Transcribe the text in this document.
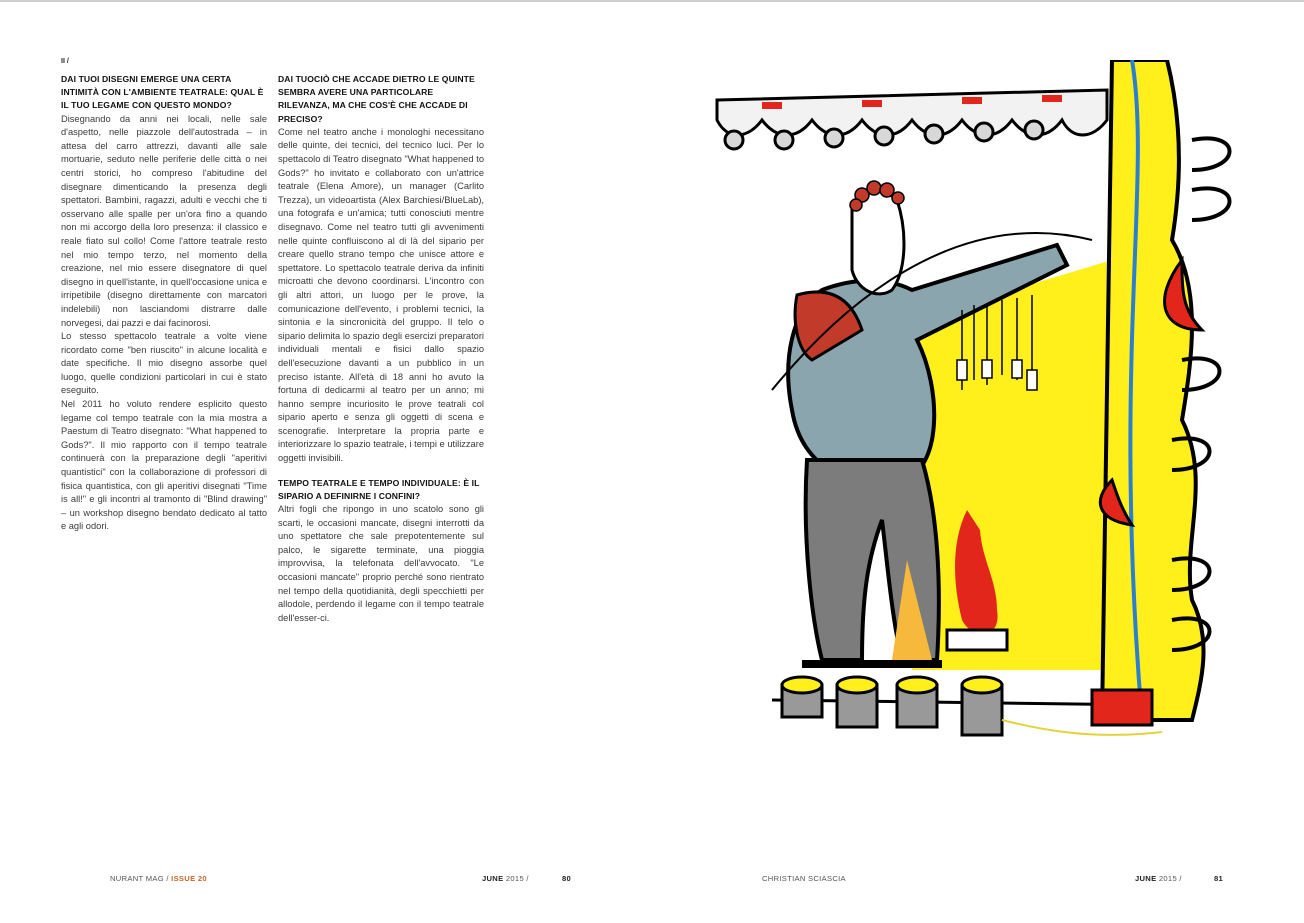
II /
DAI TUOI DISEGNI EMERGE UNA CERTA INTIMITÀ CON L'AMBIENTE TEATRALE: QUAL È IL TUO LEGAME CON QUESTO MONDO?

Disegnando da anni nei locali, nelle sale d'aspetto, nelle piazzole dell'autostrada – in attesa del carro attrezzi, davanti alle sale mortuarie, seduto nelle periferie delle città o nei centri storici, ho compreso l'abitudine del disegnare dimenticando la presenza degli spettatori. Bambini, ragazzi, adulti e vecchi che ti osservano alle spalle per un'ora fino a quando non mi accorgo della loro presenza: il classico e reale fiato sul collo! Come l'attore teatrale resto nel mio tempo terzo, nel momento della creazione, nel mio essere disegnatore di quel disegno in quell'istante, in quell'occasione unica e irripetibile (disegno direttamente con marcatori indelebili) non lasciandomi distrarre dalle norvegesi, dai pazzi e dai facinorosi.

Lo stesso spettacolo teatrale a volte viene ricordato come "ben riuscito" in alcune località e date specifiche. Il mio disegno assorbe quel luogo, quelle condizioni particolari in cui è stato eseguito.

Nel 2011 ho voluto rendere esplicito questo legame col tempo teatrale con la mia mostra a Paestum di Teatro disegnato: "What happened to Gods?". Il mio rapporto con il tempo teatrale continuerà con la preparazione degli "aperitivi quantistici" con la collaborazione di professori di fisica quantistica, con gli aperitivi disegnati "Time is all!" e gli incontri al tramonto di "Blind drawing" – un workshop disegno bendato dedicato al tatto e agli odori.

DAI TUOCIÒ CHE ACCADE DIETRO LE QUINTE SEMBRA AVERE UNA PARTICOLARE RILEVANZA, MA CHE COS'È CHE ACCADE DI PRECISO?

Come nel teatro anche i monologhi necessitano delle quinte, dei tecnici, del tecnico luci. Per lo spettacolo di Teatro disegnato "What happened to Gods?" ho invitato e collaborato con un'attrice teatrale (Elena Amore), un manager (Carlito Trezza), un videoartista (Alex Barchiesi/BlueLab), una fotografa e un'amica; tutti conosciuti mentre disegnavo. Come nel teatro tutti gli avvenimenti nelle quinte confluiscono al di là del sipario per creare quello strano tempo che unisce attore e spettatore. Lo spettacolo teatrale deriva da infiniti microatti che devono coordinarsi. L'incontro con gli altri attori, un luogo per le prove, la comunicazione dell'evento, i problemi tecnici, la sintonia e la sincronicità del gruppo. Il telo o sipario delimita lo spazio degli esercizi preparatori individuali mentali e fisici dallo spazio dell'esecuzione davanti a un pubblico in un preciso istante. All'età di 18 anni ho avuto la fortuna di dedicarmi al teatro per un anno; mi hanno sempre incuriosito le prove teatrali col sipario aperto e senza gli oggetti di scena e scenografie. Interpretare la propria parte e interiorizzare lo spazio teatrale, i tempi e utilizzare oggetti invisibili.

TEMPO TEATRALE E TEMPO INDIVIDUALE: È IL SIPARIO A DEFINIRNE I CONFINI?

Altri fogli che ripongo in uno scatolo sono gli scarti, le occasioni mancate, disegni interrotti da uno spettatore che sale prepotentemente sul palco, le sigarette terminate, una pioggia improvvisa, la telefonata dell'avvocato. "Le occasioni mancate" proprio perché sono rientrato nel tempo della quotidianità, degli specchietti per allodole, perdendo il legame con il tempo teatrale dell'esser-ci.

NURANT MAG / ISSUE 20	JUNE 2015 /	80	CHRISTIAN SCIASCIA	JUNE 2015 /	81
